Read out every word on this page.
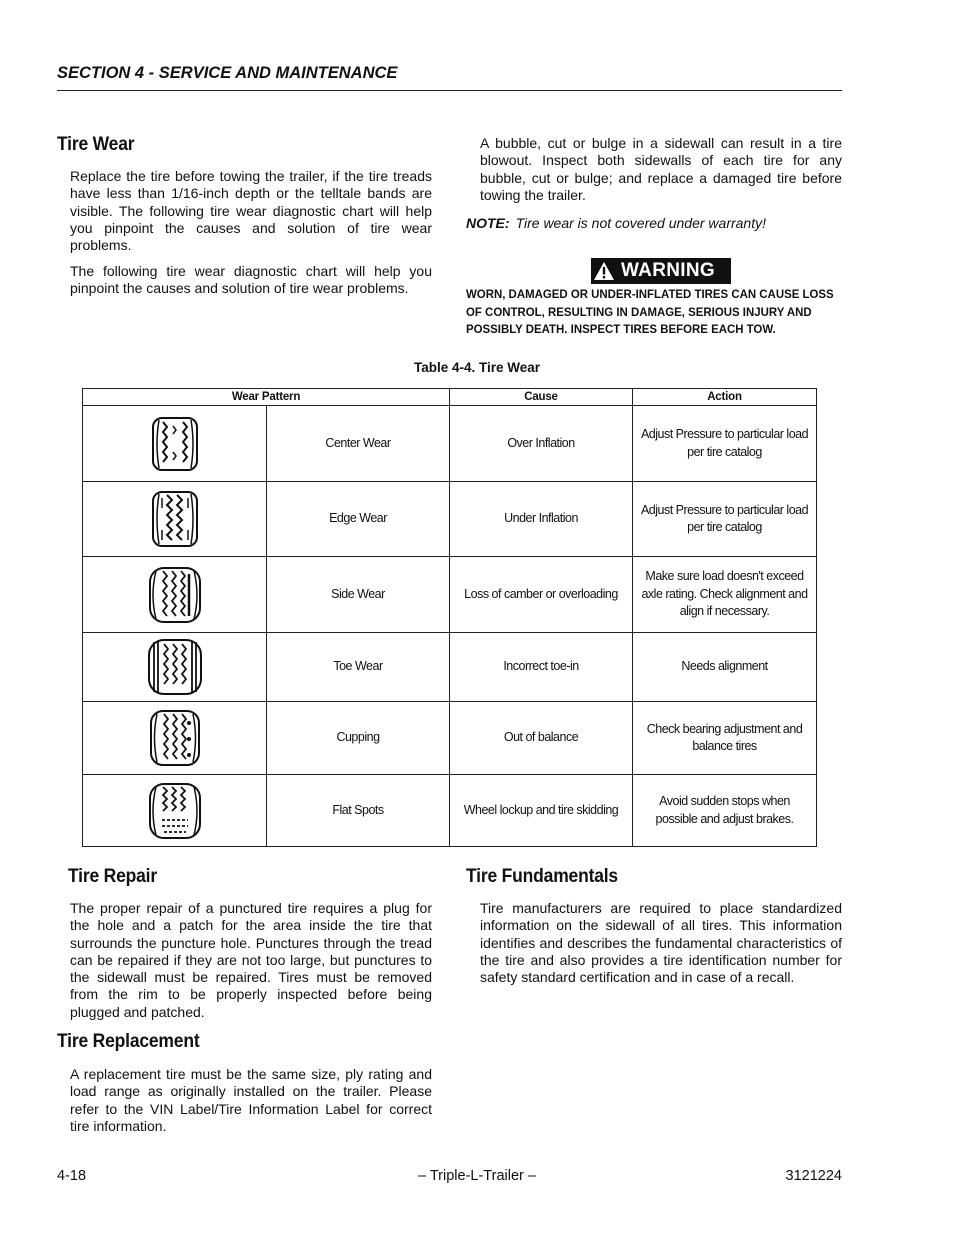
SECTION 4 - SERVICE AND MAINTENANCE
Tire Wear

Replace the tire before towing the trailer, if the tire treads have less than 1/16-inch depth or the telltale bands are visible. The following tire wear diagnostic chart will help you pinpoint the causes and solution of tire wear problems.

The following tire wear diagnostic chart will help you pinpoint the causes and solution of tire wear problems.

A bubble, cut or bulge in a sidewall can result in a tire blowout. Inspect both sidewalls of each tire for any bubble, cut or bulge; and replace a damaged tire before towing the trailer.

NOTE: Tire wear is not covered under warranty!
WARNING
WORN, DAMAGED OR UNDER-INFLATED TIRES CAN CAUSE LOSS OF CONTROL, RESULTING IN DAMAGE, SERIOUS INJURY AND POSSIBLY DEATH. INSPECT TIRES BEFORE EACH TOW.
Table 4-4. Tire Wear
Wear Pattern		Cause	Action

	Center Wear	Over Inflation	Adjust Pressure to particular load per tire catalog

	Edge Wear	Under Inflation	Adjust Pressure to particular load per tire catalog

	Side Wear	Loss of camber or overloading	Make sure load doesn't exceed axle rating. Check alignment and align if necessary.

	Toe Wear	Incorrect toe-in	Needs alignment

	Cupping	Out of balance	Check bearing adjustment and balance tires

	Flat Spots	Wheel lockup and tire skidding	Avoid sudden stops when possible and adjust brakes.
Tire Repair

The proper repair of a punctured tire requires a plug for the hole and a patch for the area inside the tire that surrounds the puncture hole. Punctures through the tread can be repaired if they are not too large, but punctures to the sidewall must be repaired. Tires must be removed from the rim to be properly inspected before being plugged and patched.

Tire Replacement

A replacement tire must be the same size, ply rating and load range as originally installed on the trailer. Please refer to the VIN Label/Tire Information Label for correct tire information.

Tire Fundamentals

Tire manufacturers are required to place standardized information on the sidewall of all tires. This information identifies and describes the fundamental characteristics of the tire and also provides a tire identification number for safety standard certification and in case of a recall.

4-18	– Triple-L-Trailer –	3121224
